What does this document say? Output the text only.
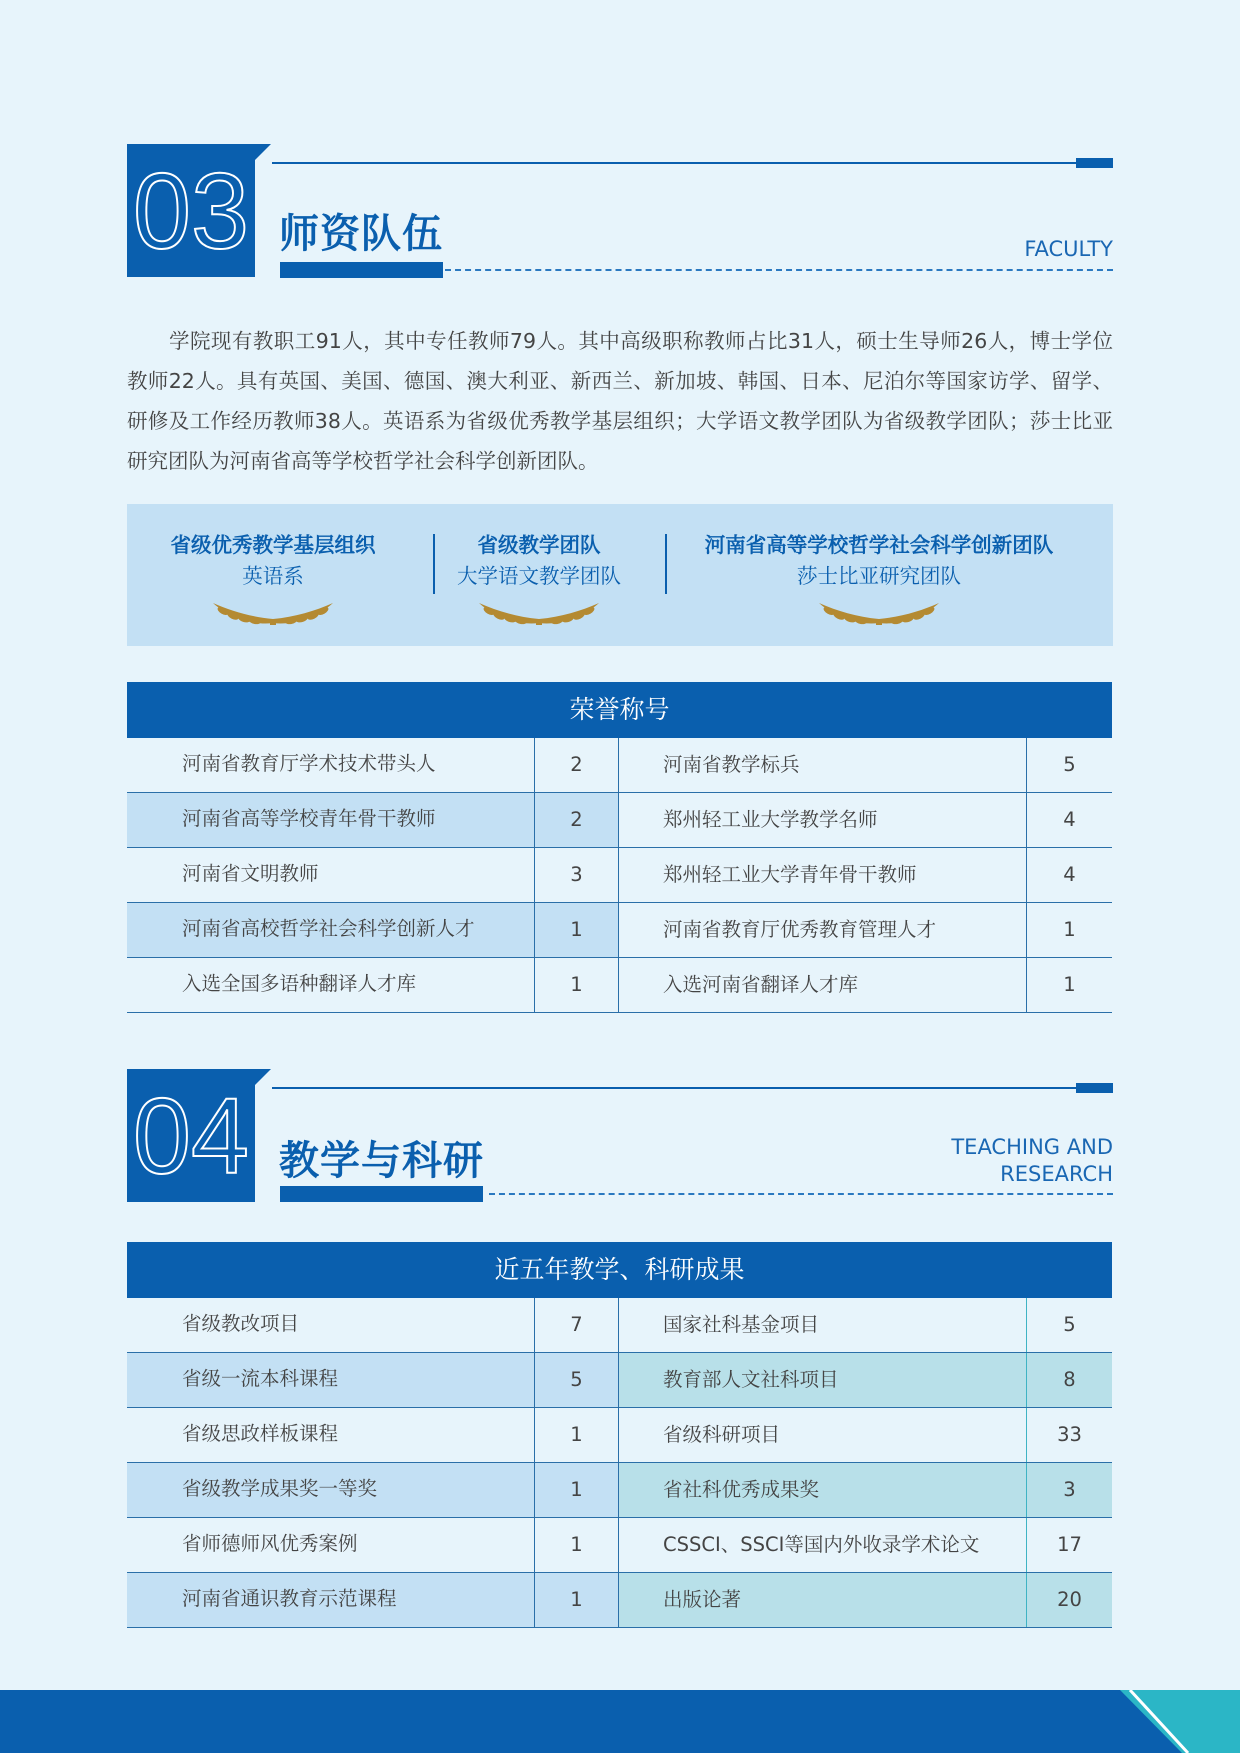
03 师资队伍	FACULTY

学院现有教职工91人，其中专任教师79人。其中高级职称教师占比31人，硕士生导师26人，博士学位教师22人。具有英国、美国、德国、澳大利亚、新西兰、新加坡、韩国、日本、尼泊尔等国家访学、留学、研修及工作经历教师38人。英语系为省级优秀教学基层组织；大学语文教学团队为省级教学团队；莎士比亚研究团队为河南省高等学校哲学社会科学创新团队。

省级优秀教学基层组织
英语系
省级教学团队
大学语文教学团队
河南省高等学校哲学社会科学创新团队
莎士比亚研究团队
荣誉称号
河南省教育厅学术技术带头人	2	河南省教学标兵	5
河南省高等学校青年骨干教师	2	郑州轻工业大学教学名师	4
河南省文明教师	3	郑州轻工业大学青年骨干教师	4
河南省高校哲学社会科学创新人才	1	河南省教育厅优秀教育管理人才	1
入选全国多语种翻译人才库	1	入选河南省翻译人才库	1
04 教学与科研	TEACHING AND
RESEARCH
近五年教学、科研成果
省级教改项目	7	国家社科基金项目	5
省级一流本科课程	5	教育部人文社科项目	8
省级思政样板课程	1	省级科研项目	33
省级教学成果奖一等奖	1	省社科优秀成果奖	3
省师德师风优秀案例	1	CSSCI、SSCI等国内外收录学术论文	17
河南省通识教育示范课程	1	出版论著	20
